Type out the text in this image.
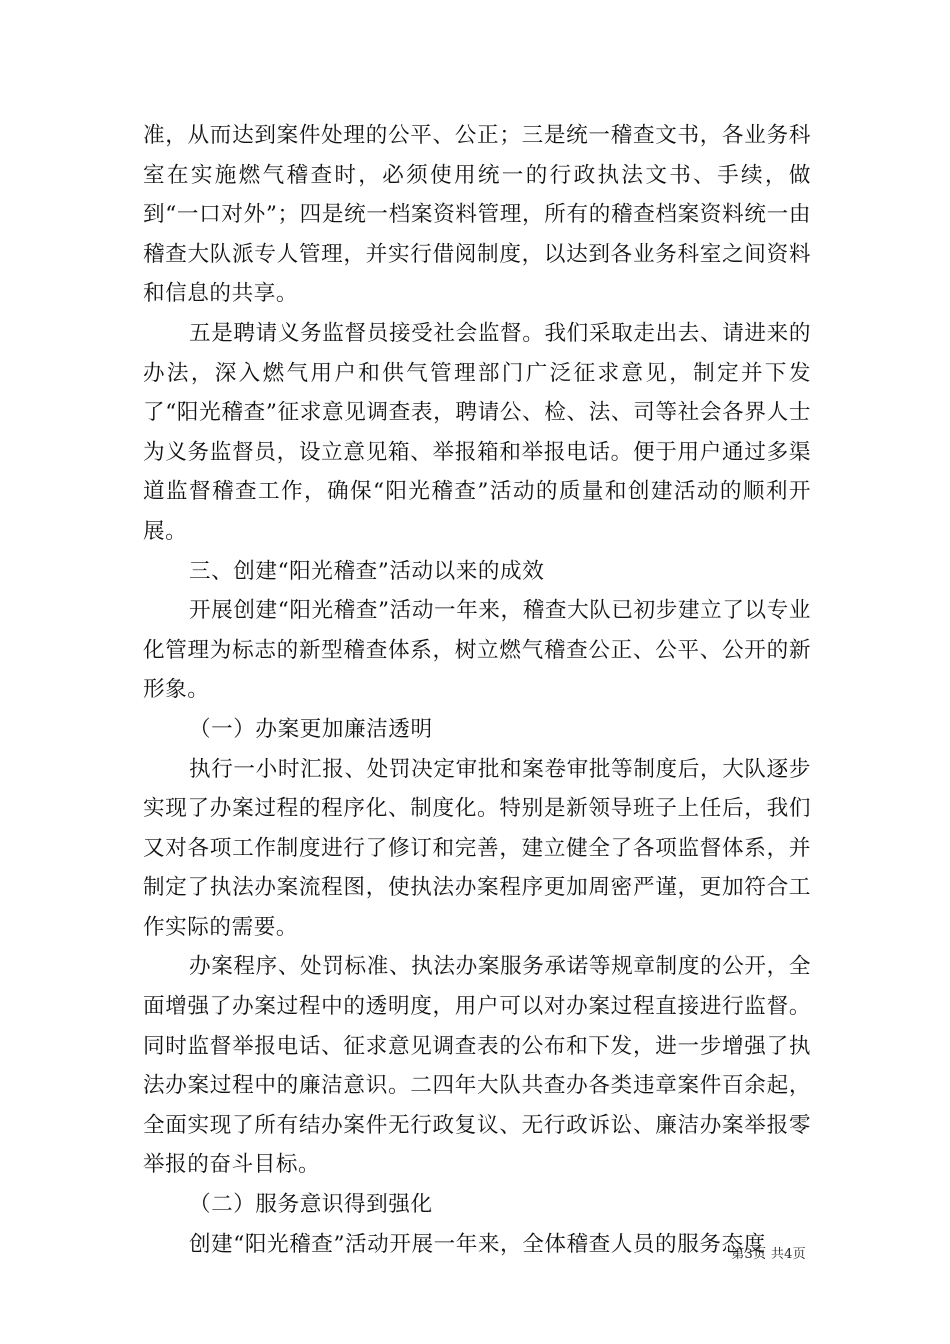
准，从而达到案件处理的公平、公正；三是统一稽查文书，各业务科室在实施燃气稽查时，必须使用统一的行政执法文书、手续，做到“一口对外”；四是统一档案资料管理，所有的稽查档案资料统一由稽查大队派专人管理，并实行借阅制度，以达到各业务科室之间资料和信息的共享。

五是聘请义务监督员接受社会监督。我们采取走出去、请进来的办法，深入燃气用户和供气管理部门广泛征求意见，制定并下发了“阳光稽查”征求意见调查表，聘请公、检、法、司等社会各界人士为义务监督员，设立意见箱、举报箱和举报电话。便于用户通过多渠道监督稽查工作，确保“阳光稽查”活动的质量和创建活动的顺利开展。

三、创建“阳光稽查”活动以来的成效

开展创建“阳光稽查”活动一年来，稽查大队已初步建立了以专业化管理为标志的新型稽查体系，树立燃气稽查公正、公平、公开的新形象。

（一）办案更加廉洁透明

执行一小时汇报、处罚决定审批和案卷审批等制度后，大队逐步实现了办案过程的程序化、制度化。特别是新领导班子上任后，我们又对各项工作制度进行了修订和完善，建立健全了各项监督体系，并制定了执法办案流程图，使执法办案程序更加周密严谨，更加符合工作实际的需要。

办案程序、处罚标准、执法办案服务承诺等规章制度的公开，全面增强了办案过程中的透明度，用户可以对办案过程直接进行监督。同时监督举报电话、征求意见调查表的公布和下发，进一步增强了执法办案过程中的廉洁意识。二四年大队共查办各类违章案件百余起，全面实现了所有结办案件无行政复议、无行政诉讼、廉洁办案举报零举报的奋斗目标。

（二）服务意识得到强化

创建“阳光稽查”活动开展一年来，全体稽查人员的服务态度

第3页 共4页
